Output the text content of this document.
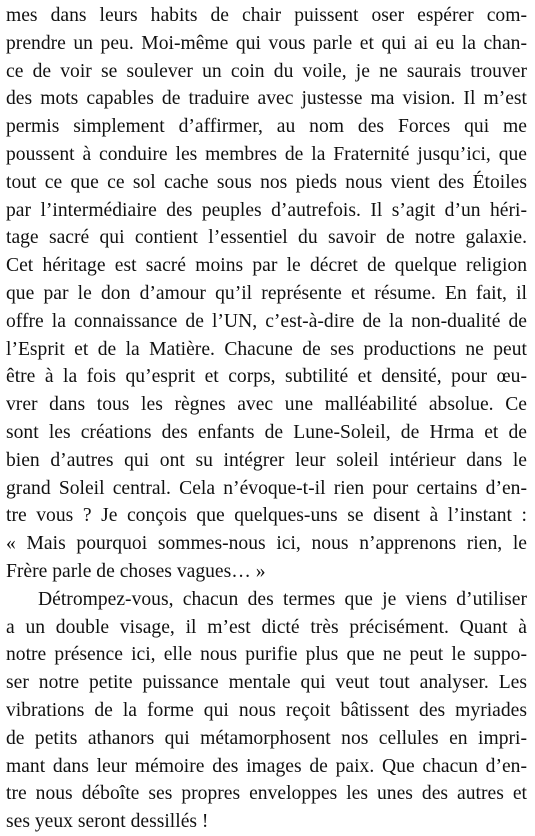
mes dans leurs habits de chair puissent oser espérer com-
prendre un peu. Moi-même qui vous parle et qui ai eu la chan-
ce de voir se soulever un coin du voile, je ne saurais trouver
des mots capables de traduire avec justesse ma vision. Il m’est
permis simplement d’affirmer, au nom des Forces qui me
poussent à conduire les membres de la Fraternité jusqu’ici, que
tout ce que ce sol cache sous nos pieds nous vient des Étoiles
par l’intermédiaire des peuples d’autrefois. Il s’agit d’un héri-
tage sacré qui contient l’essentiel du savoir de notre galaxie.
Cet héritage est sacré moins par le décret de quelque religion
que par le don d’amour qu’il représente et résume. En fait, il
offre la connaissance de l’UN, c’est-à-dire de la non-dualité de
l’Esprit et de la Matière. Chacune de ses productions ne peut
être à la fois qu’esprit et corps, subtilité et densité, pour œu-
vrer dans tous les règnes avec une malléabilité absolue. Ce
sont les créations des enfants de Lune-Soleil, de Hrma et de
bien d’autres qui ont su intégrer leur soleil intérieur dans le
grand Soleil central. Cela n’évoque-t-il rien pour certains d’en-
tre vous ? Je conçois que quelques-uns se disent à l’instant :
« Mais pourquoi sommes-nous ici, nous n’apprenons rien, le
Frère parle de choses vagues… »
Détrompez-vous, chacun des termes que je viens d’utiliser
a un double visage, il m’est dicté très précisément. Quant à
notre présence ici, elle nous purifie plus que ne peut le suppo-
ser notre petite puissance mentale qui veut tout analyser. Les
vibrations de la forme qui nous reçoit bâtissent des myriades
de petits athanors qui métamorphosent nos cellules en impri-
mant dans leur mémoire des images de paix. Que chacun d’en-
tre nous déboîte ses propres enveloppes les unes des autres et
ses yeux seront dessillés !
